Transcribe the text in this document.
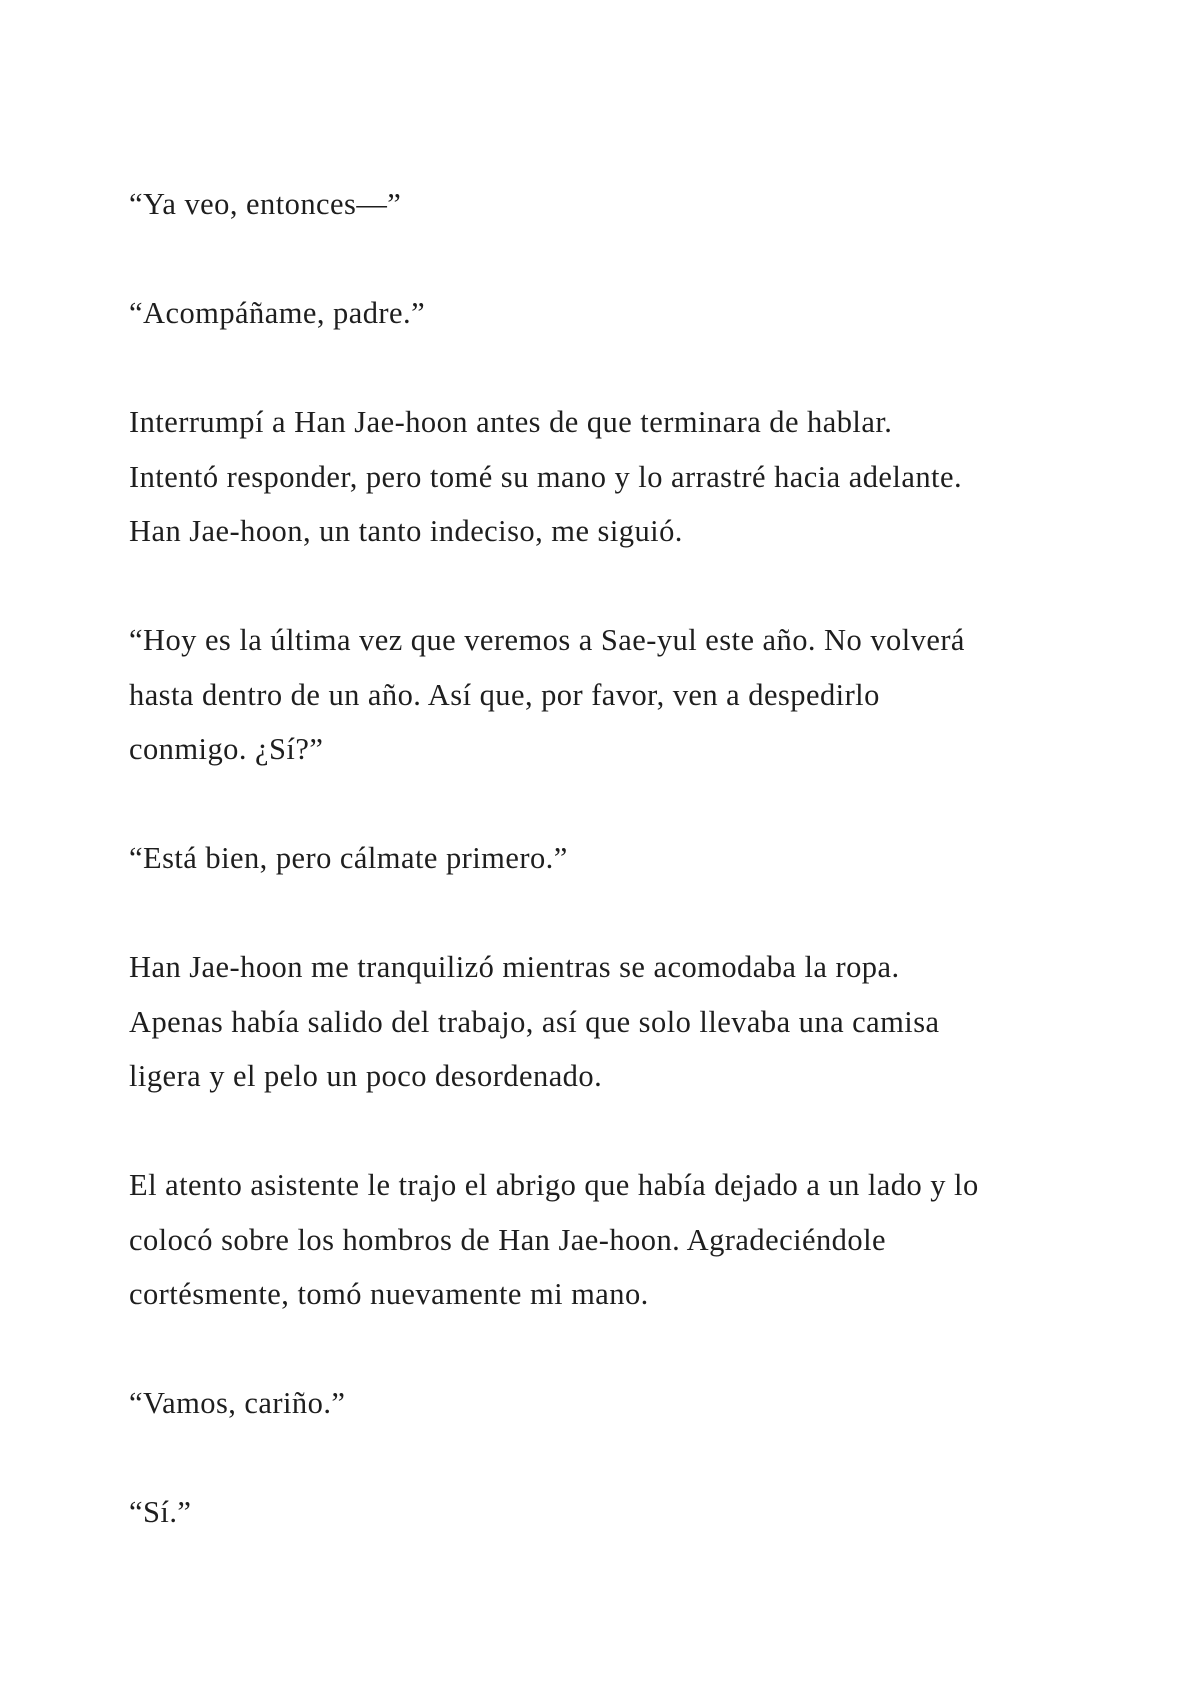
“Ya veo, entonces—”

“Acompáñame, padre.”

Interrumpí a Han Jae-hoon antes de que terminara de hablar.
Intentó responder, pero tomé su mano y lo arrastré hacia adelante.
Han Jae-hoon, un tanto indeciso, me siguió.

“Hoy es la última vez que veremos a Sae-yul este año. No volverá
hasta dentro de un año. Así que, por favor, ven a despedirlo
conmigo. ¿Sí?”

“Está bien, pero cálmate primero.”

Han Jae-hoon me tranquilizó mientras se acomodaba la ropa.
Apenas había salido del trabajo, así que solo llevaba una camisa
ligera y el pelo un poco desordenado.

El atento asistente le trajo el abrigo que había dejado a un lado y lo
colocó sobre los hombros de Han Jae-hoon. Agradeciéndole
cortésmente, tomó nuevamente mi mano.

“Vamos, cariño.”

“Sí.”
